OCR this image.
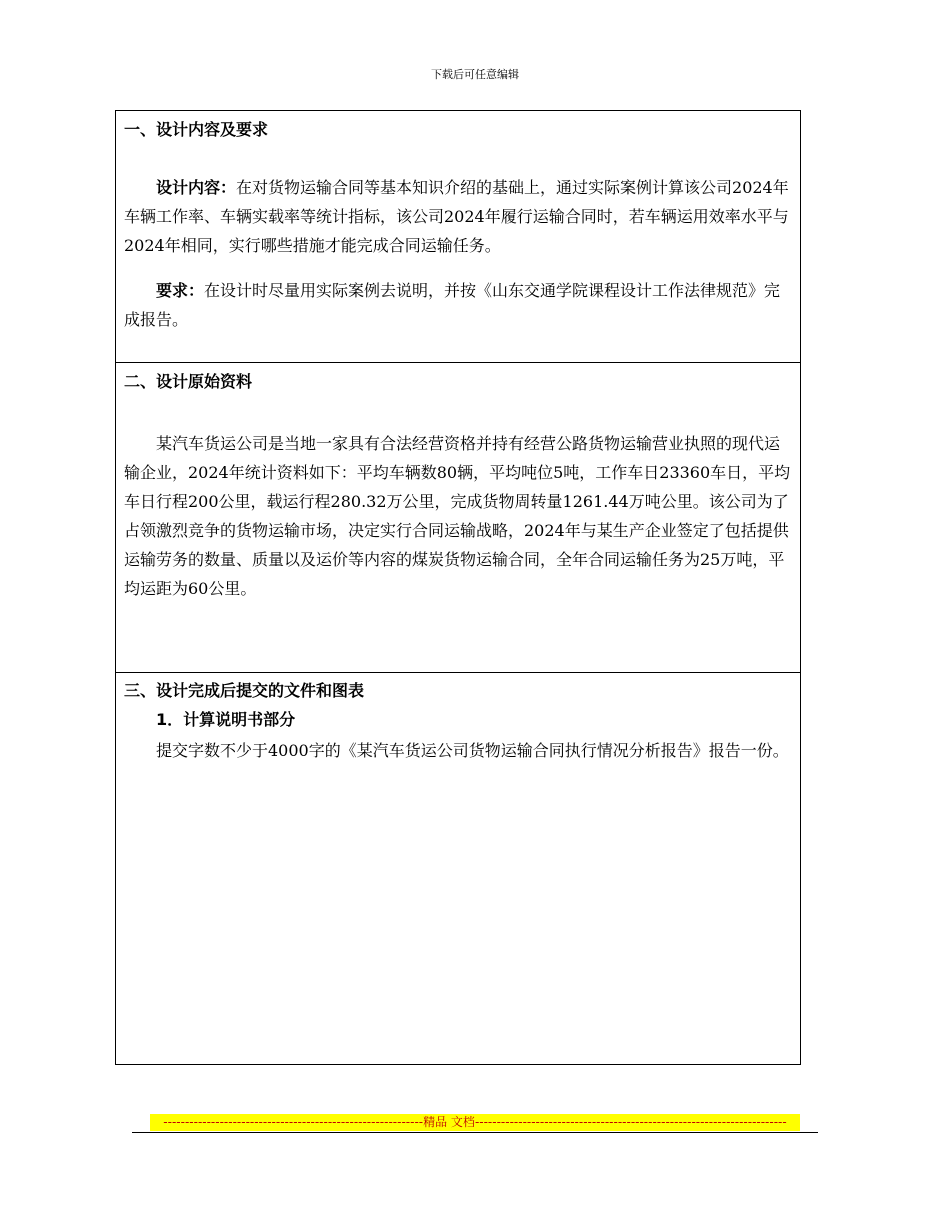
下载后可任意编辑
一、设计内容及要求

设计内容：在对货物运输合同等基本知识介绍的基础上，通过实际案例计算该公司2024年车辆工作率、车辆实载率等统计指标，该公司2024年履行运输合同时，若车辆运用效率水平与2024年相同，实行哪些措施才能完成合同运输任务。

要求：在设计时尽量用实际案例去说明，并按《山东交通学院课程设计工作法律规范》完成报告。

二、设计原始资料

某汽车货运公司是当地一家具有合法经营资格并持有经营公路货物运输营业执照的现代运输企业，2024年统计资料如下：平均车辆数80辆，平均吨位5吨，工作车日23360车日，平均车日行程200公里，载运行程280.32万公里，完成货物周转量1261.44万吨公里。该公司为了占领激烈竞争的货物运输市场，决定实行合同运输战略，2024年与某生产企业签定了包括提供运输劳务的数量、质量以及运价等内容的煤炭货物运输合同，全年合同运输任务为25万吨，平均运距为60公里。

三、设计完成后提交的文件和图表
1．计算说明书部分

提交字数不少于4000字的《某汽车货运公司货物运输合同执行情况分析报告》报告一份。

------------------------------------------------------------精品 文档------------------------------------------------------------------------
